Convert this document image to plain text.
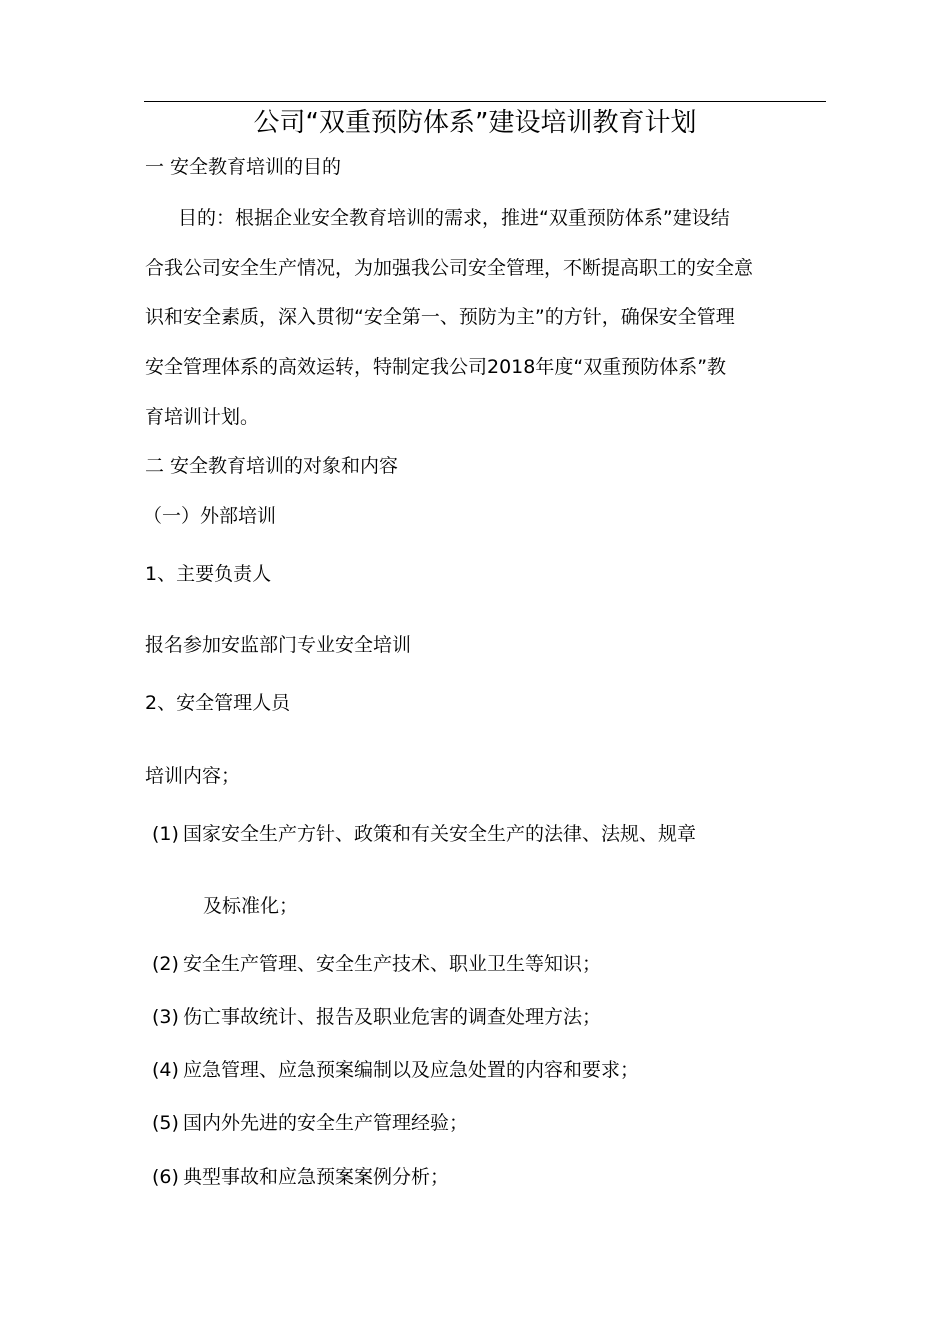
公司“双重预防体系”建设培训教育计划
一 安全教育培训的目的
目的：根据企业安全教育培训的需求，推进“双重预防体系”建设结
合我公司安全生产情况，为加强我公司安全管理，不断提高职工的安全意
识和安全素质，深入贯彻“安全第一、预防为主”的方针，确保安全管理
安全管理体系的高效运转，特制定我公司2018年度“双重预防体系”教
育培训计划。
二 安全教育培训的对象和内容
（一）外部培训
1、主要负责人
报名参加安监部门专业安全培训
2、安全管理人员
培训内容；
(1) 国家安全生产方针、政策和有关安全生产的法律、法规、规章
及标准化；
(2) 安全生产管理、安全生产技术、职业卫生等知识；
(3) 伤亡事故统计、报告及职业危害的调查处理方法；
(4) 应急管理、应急预案编制以及应急处置的内容和要求；
(5) 国内外先进的安全生产管理经验；
(6) 典型事故和应急预案案例分析；
